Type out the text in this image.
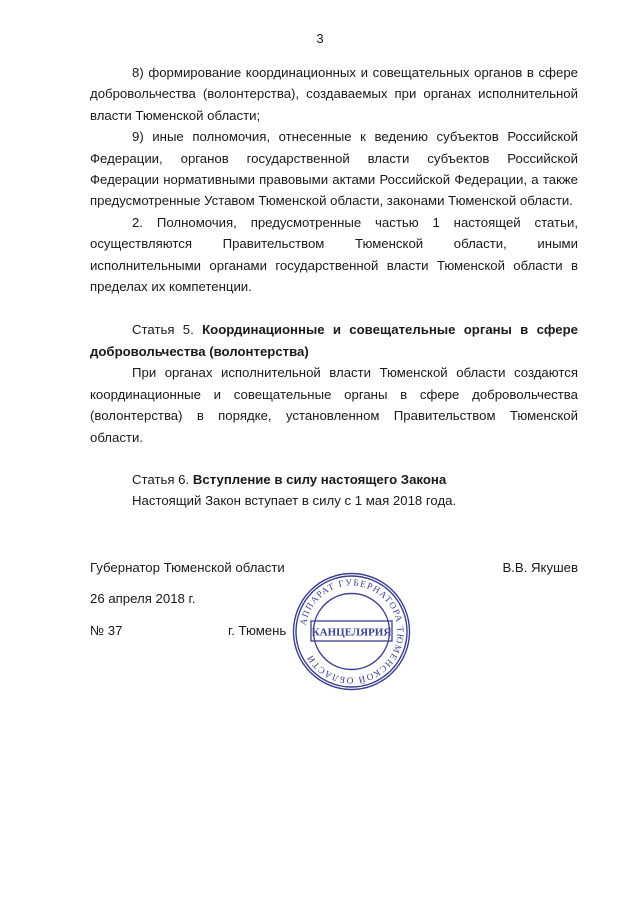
3

8) формирование координационных и совещательных органов в сфере добровольчества (волонтерства), создаваемых при органах исполнительной власти Тюменской области;

9) иные полномочия, отнесенные к ведению субъектов Российской Федерации, органов государственной власти субъектов Российской Федерации нормативными правовыми актами Российской Федерации, а также предусмотренные Уставом Тюменской области, законами Тюменской области.

2. Полномочия, предусмотренные частью 1 настоящей статьи, осуществляются Правительством Тюменской области, иными исполнительными органами государственной власти Тюменской области в пределах их компетенции.

Статья 5. Координационные и совещательные органы в сфере добровольчества (волонтерства)

При органах исполнительной власти Тюменской области создаются координационные и совещательные органы в сфере добровольчества (волонтерства) в порядке, установленном Правительством Тюменской области.

Статья 6. Вступление в силу настоящего Закона

Настоящий Закон вступает в силу с 1 мая 2018 года.

Губернатор Тюменской области	В.В. Якушев
26 апреля 2018 г.
№ 37	г. Тюмень
АППАРАТ ГУБЕРНАТОРА ТЮМЕНСКОЙ ОБЛАСТИ
КАНЦЕЛЯРИЯ
